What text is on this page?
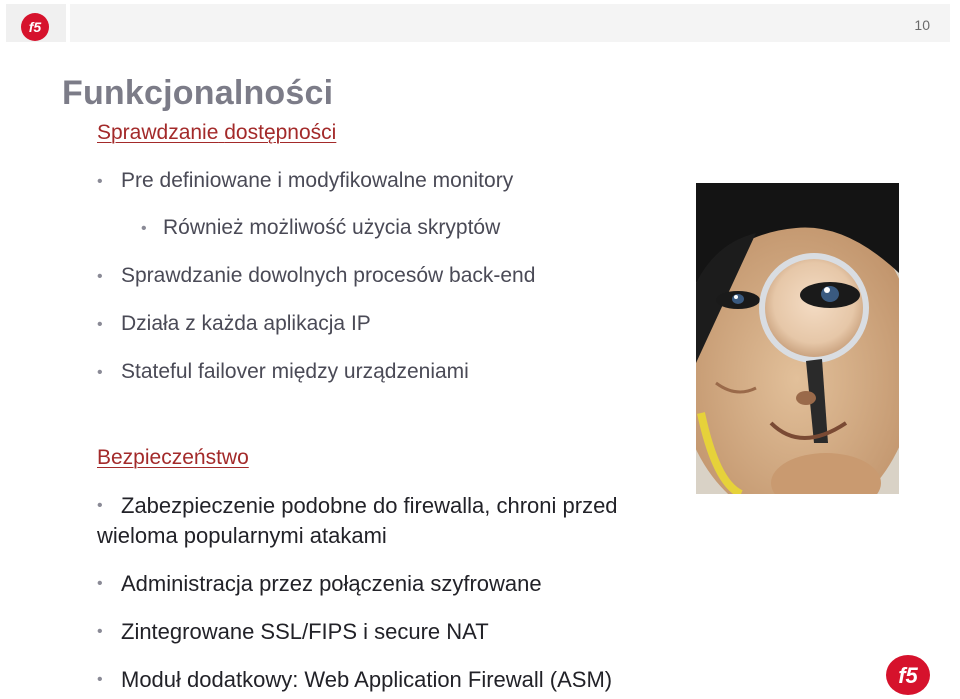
f5	10
Funkcjonalności
Sprawdzanie dostępności
• Pre definiowane i modyfikowalne monitory
• Również możliwość użycia skryptów
• Sprawdzanie dowolnych procesów back-end
• Działa z każda aplikacja IP
• Stateful failover między urządzeniami
Bezpieczeństwo
• Zabezpieczenie podobne do firewalla, chroni przed
wieloma popularnymi atakami
• Administracja przez połączenia szyfrowane
• Zintegrowane SSL/FIPS i secure NAT
• Moduł dodatkowy: Web Application Firewall (ASM)	f5
